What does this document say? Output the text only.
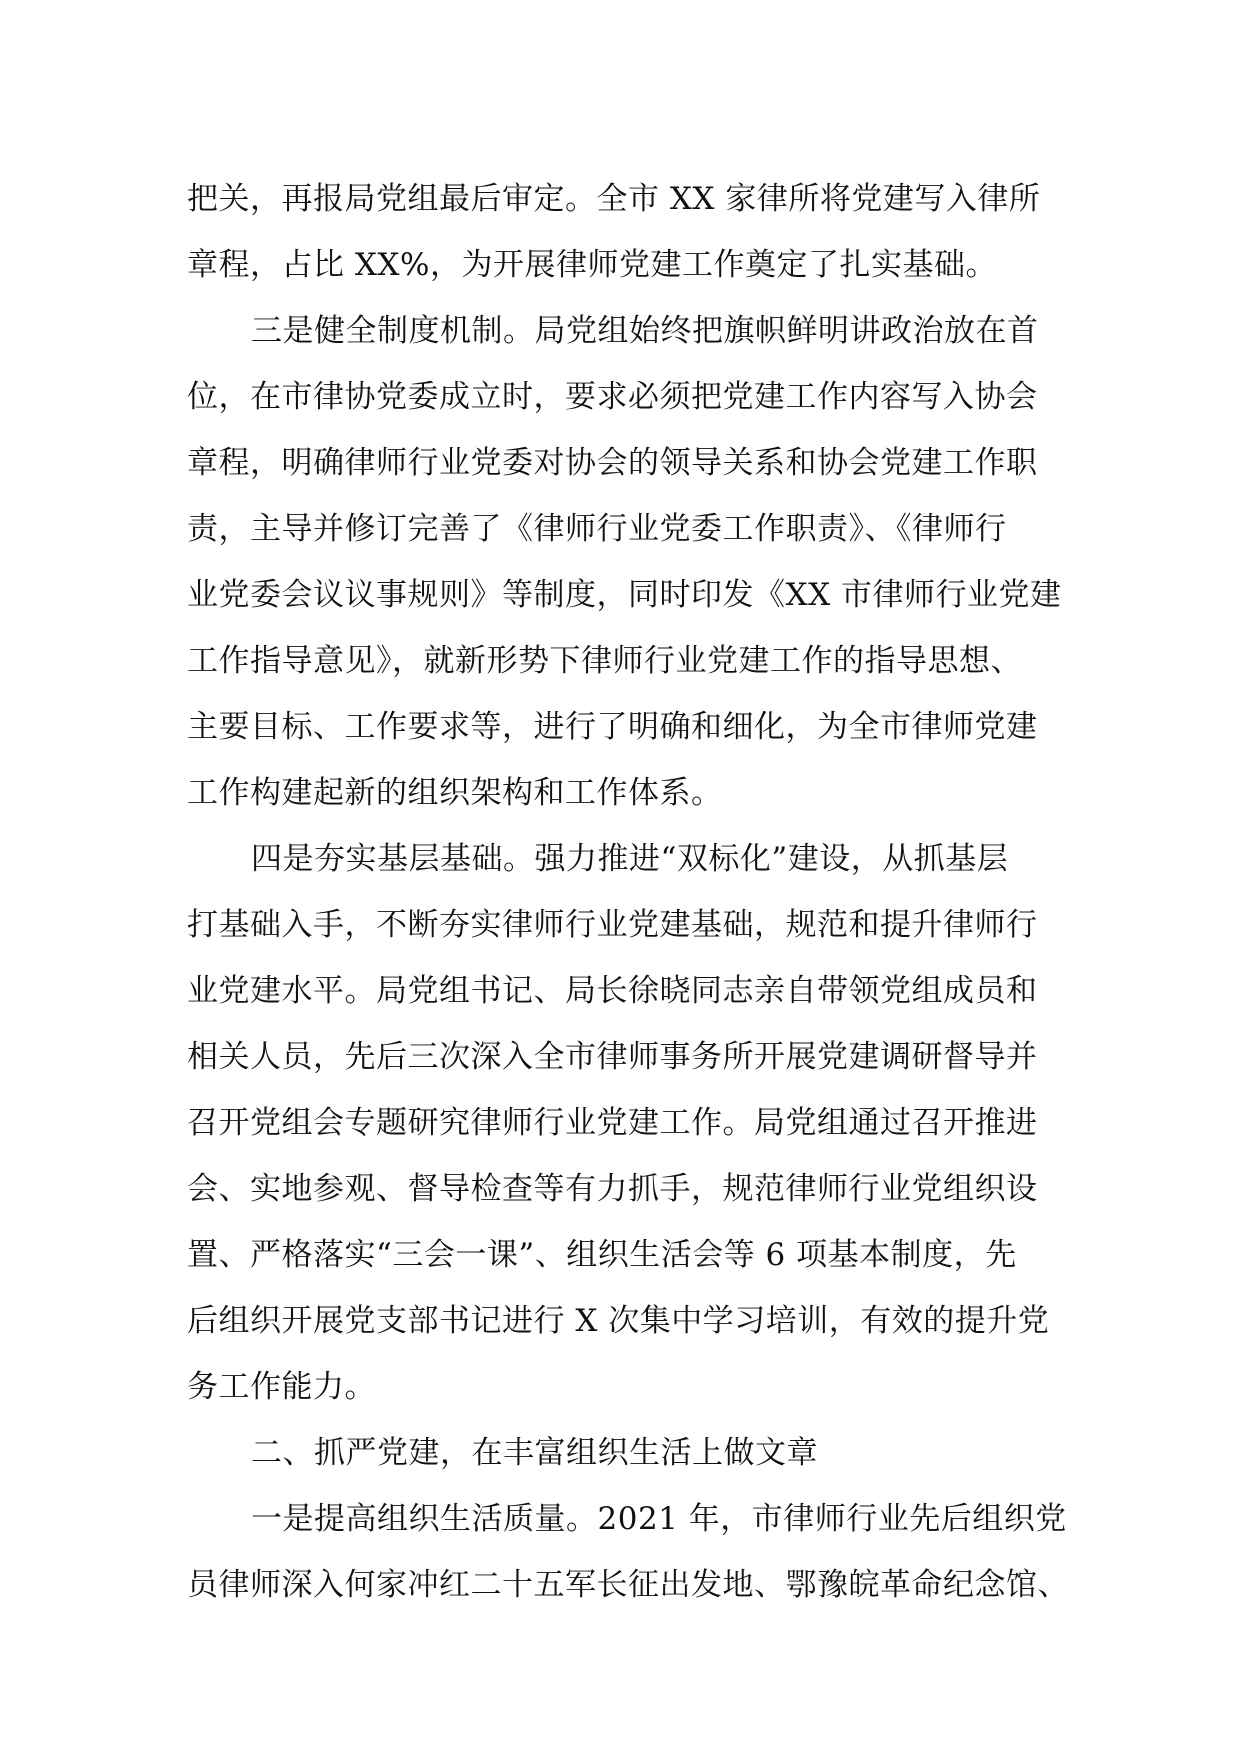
把关，再报局党组最后审定。全市 XX 家律所将党建写入律所
章程，占比 XX%，为开展律师党建工作奠定了扎实基础。
三是健全制度机制。局党组始终把旗帜鲜明讲政治放在首
位，在市律协党委成立时，要求必须把党建工作内容写入协会
章程，明确律师行业党委对协会的领导关系和协会党建工作职
责，主导并修订完善了《律师行业党委工作职责》、《律师行
业党委会议议事规则》等制度，同时印发《XX 市律师行业党建
工作指导意见》，就新形势下律师行业党建工作的指导思想、
主要目标、工作要求等，进行了明确和细化，为全市律师党建
工作构建起新的组织架构和工作体系。
四是夯实基层基础。强力推进“双标化”建设，从抓基层
打基础入手，不断夯实律师行业党建基础，规范和提升律师行
业党建水平。局党组书记、局长徐晓同志亲自带领党组成员和
相关人员，先后三次深入全市律师事务所开展党建调研督导并
召开党组会专题研究律师行业党建工作。局党组通过召开推进
会、实地参观、督导检查等有力抓手，规范律师行业党组织设
置、严格落实“三会一课”、组织生活会等 6 项基本制度，先
后组织开展党支部书记进行 X 次集中学习培训，有效的提升党
务工作能力。
二、抓严党建，在丰富组织生活上做文章
一是提高组织生活质量。2021 年，市律师行业先后组织党
员律师深入何家冲红二十五军长征出发地、鄂豫皖革命纪念馆、
